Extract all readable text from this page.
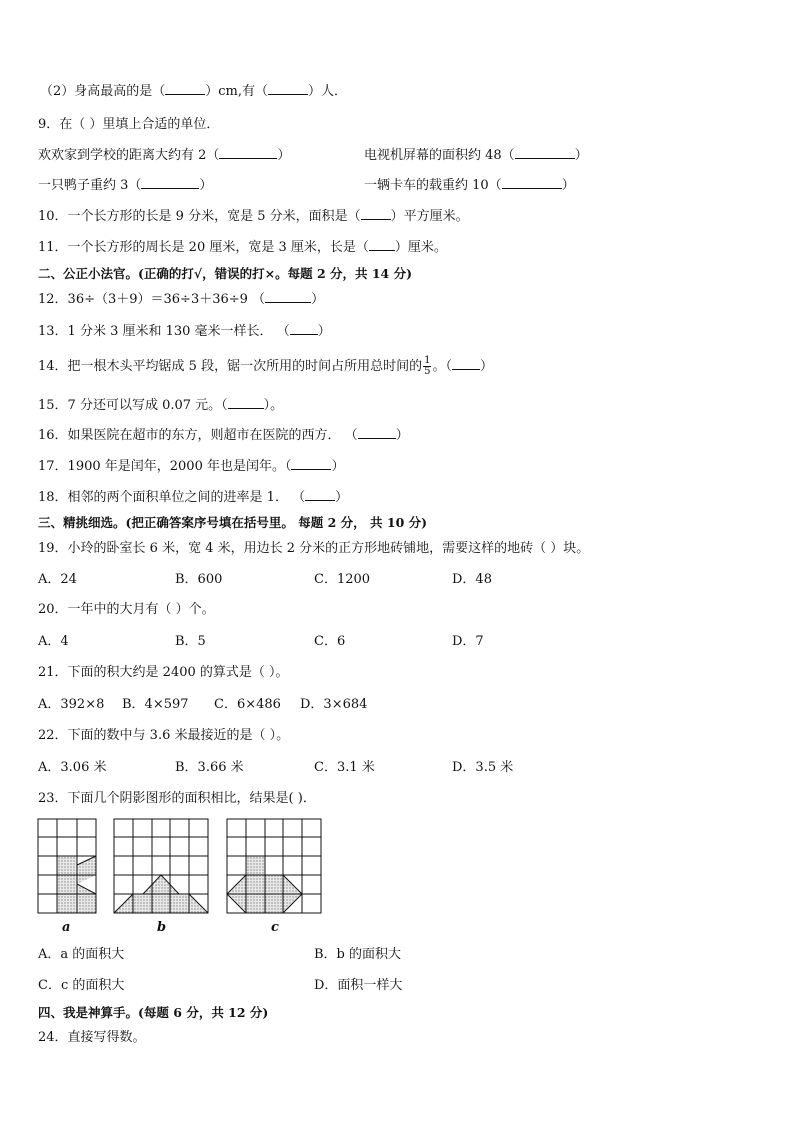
（2）身高最高的是（	）cm,有（	）人．
9．在（ ）里填上合适的单位．
欢欢家到学校的距离大约有 2（	）	电视机屏幕的面积约 48（	）
一只鸭子重约 3（	）	一辆卡车的载重约 10（	）
10．一个长方形的长是 9 分米，宽是 5 分米，面积是（ ）平方厘米。
11．一个长方形的周长是 20 厘米，宽是 3 厘米，长是（ ）厘米。
二、公正小法官。(正确的打√，错误的打×。每题 2 分，共 14 分)
12．36÷（3＋9）＝36÷3＋36÷9 （	）
13．1 分米 3 厘米和 130 毫米一样长． （ ）
14．把一根木头平均锯成 5 段，锯一次所用的时间占所用总时间的 $\frac{1}{5}$ 。（ ）
15．7 分还可以写成 0.07 元。（	）。
16．如果医院在超市的东方，则超市在医院的西方． （	）
17．1900 年是闰年，2000 年也是闰年。（	）
18．相邻的两个面积单位之间的进率是 1． （ ）
三、精挑细选。(把正确答案序号填在括号里。 每题 2 分， 共 10 分)
19．小玲的卧室长 6 米，宽 4 米，用边长 2 分米的正方形地砖铺地，需要这样的地砖（ ）块。
A．24	B．600	C．1200	D．48
20．一年中的大月有（ ）个。
A．4	B．5	C．6	D．7
21．下面的积大约是 2400 的算式是（ ）。
A．392×8 B．4×597 C．6×486 D．3×684
22．下面的数中与 3.6 米最接近的是（ ）。
A．3.06 米	B．3.66 米	C．3.1 米	D．3.5 米
23．下面几个阴影图形的面积相比，结果是( )．
a	b	c
A．a 的面积大	B．b 的面积大
C．c 的面积大	D．面积一样大
四、我是神算手。(每题 6 分，共 12 分)
24．直接写得数。
